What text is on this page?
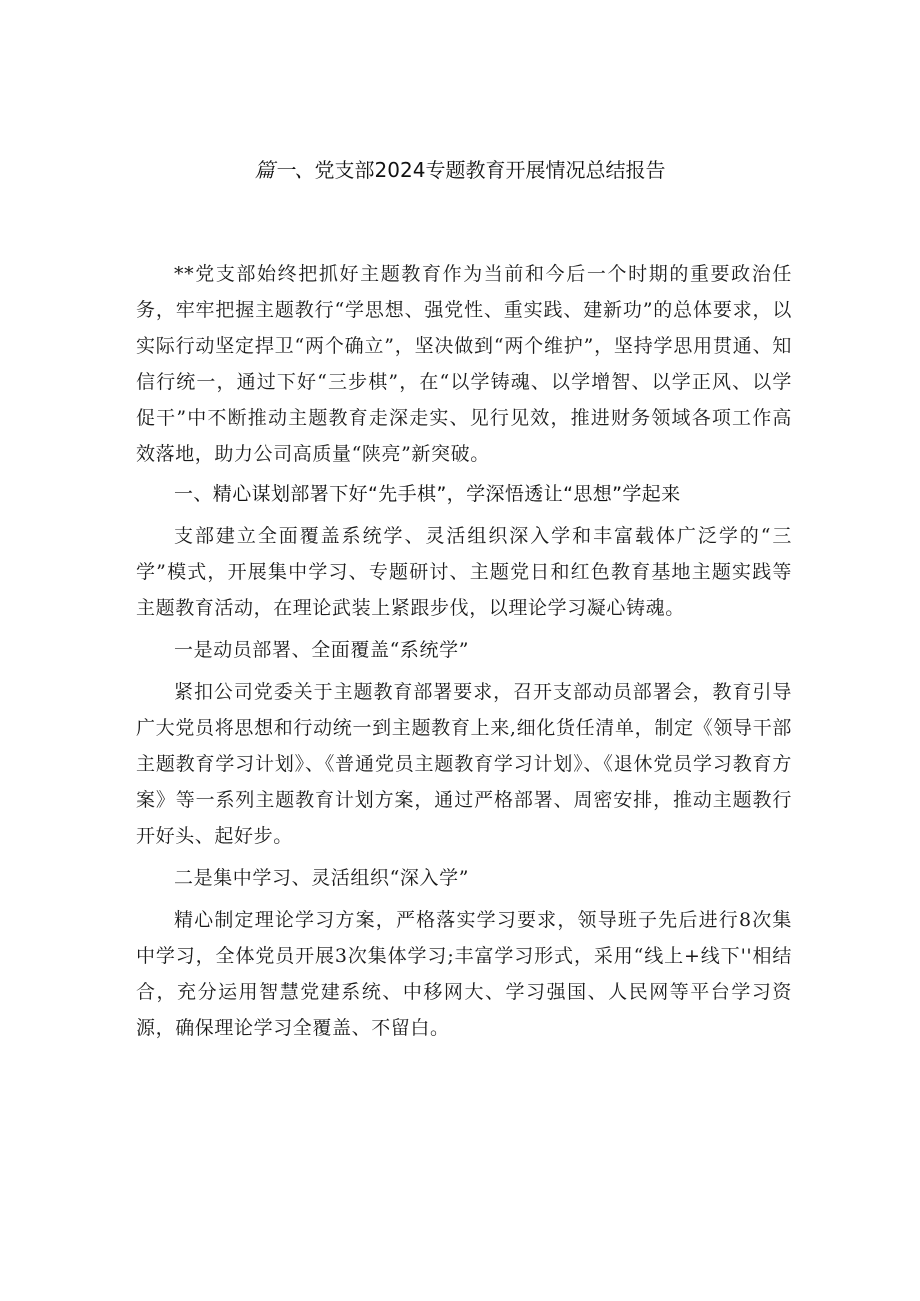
篇一、党支部2024专题教育开展情况总结报告

**党支部始终把抓好主题教育作为当前和今后一个时期的重要政治任务，牢牢把握主题教行“学思想、强党性、重实践、建新功”的总体要求，以实际行动坚定捍卫“两个确立”，坚决做到“两个维护”，坚持学思用贯通、知信行统一，通过下好“三步棋”，在“以学铸魂、以学增智、以学正风、以学促干”中不断推动主题教育走深走实、见行见效，推进财务领域各项工作高效落地，助力公司高质量“陕亮”新突破。

一、精心谋划部署下好“先手棋”，学深悟透让“思想”学起来

支部建立全面覆盖系统学、灵活组织深入学和丰富载体广泛学的“三学”模式，开展集中学习、专题研讨、主题党日和红色教育基地主题实践等主题教育活动，在理论武装上紧跟步伐，以理论学习凝心铸魂。

一是动员部署、全面覆盖“系统学”

紧扣公司党委关于主题教育部署要求，召开支部动员部署会，教育引导广大党员将思想和行动统一到主题教育上来,细化货任清单，制定《领导干部主题教育学习计划》、《普通党员主题教育学习计划》、《退休党员学习教育方案》等一系列主题教育计划方案，通过严格部署、周密安排，推动主题教行开好头、起好步。

二是集中学习、灵活组织“深入学”

精心制定理论学习方案，严格落实学习要求，领导班子先后进行8次集中学习，全体党员开展3次集体学习;丰富学习形式，采用“线上+线下''相结合，充分运用智慧党建系统、中移网大、学习强国、人民网等平台学习资源，确保理论学习全覆盖、不留白。
